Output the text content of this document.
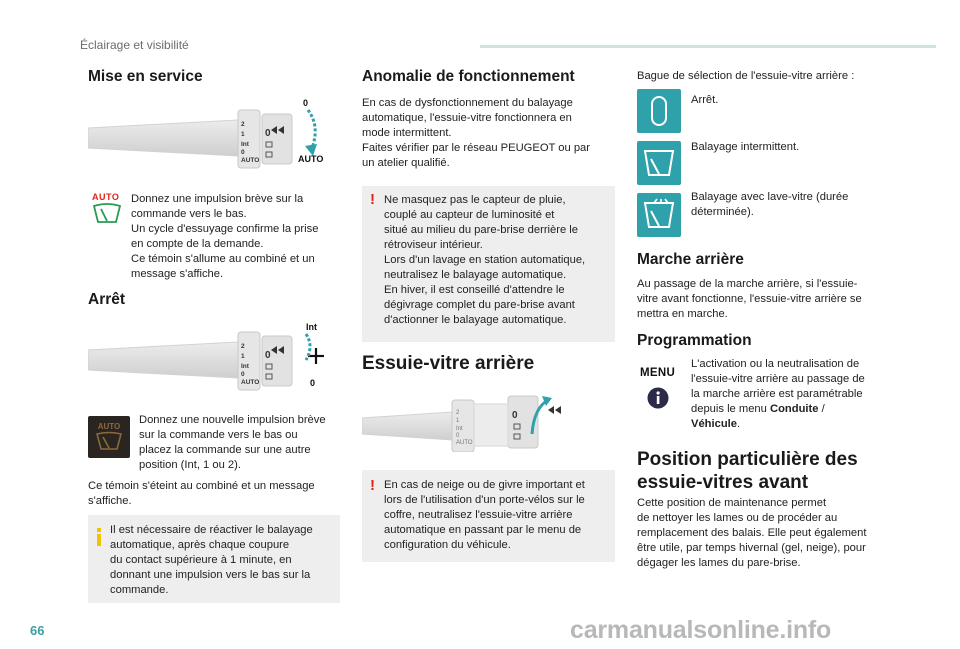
Éclairage et visibilité
Mise en service
2
1
Int
0
AUTO
0
0
AUTO
AUTO Donnez une impulsion brève sur la

commande vers le bas.

Un cycle d'essuyage confirme la prise

en compte de la demande.

Ce témoin s'allume au combiné et un

message s'affiche.

Arrêt
2
1
Int
0
AUTO
0
Int
0
AUTO

Donnez une nouvelle impulsion brève

sur la commande vers le bas ou

placez la commande sur une autre

position (Int, 1 ou 2).

Ce témoin s'éteint au combiné et un message

s'affiche.

Il est nécessaire de réactiver le balayage
automatique, après chaque coupure
du contact supérieure à 1 minute, en
donnant une impulsion vers le bas sur la
commande.
Anomalie de fonctionnement

En cas de dysfonctionnement du balayage

automatique, l'essuie-vitre fonctionnera en

mode intermittent.

Faites vérifier par le réseau PEUGEOT ou par

un atelier qualifié.

! Ne masquez pas le capteur de pluie,
couplé au capteur de luminosité et
situé au milieu du pare-brise derrière le
rétroviseur intérieur.
Lors d'un lavage en station automatique,
neutralisez le balayage automatique.
En hiver, il est conseillé d'attendre le
dégivrage complet du pare-brise avant
d'actionner le balayage automatique.
Essuie-vitre arrière
2
1
Int
0
AUTO
0
! En cas de neige ou de givre important et
lors de l'utilisation d'un porte-vélos sur le
coffre, neutralisez l'essuie-vitre arrière
automatique en passant par le menu de
configuration du véhicule.

Bague de sélection de l'essuie-vitre arrière :

Arrêt.

Balayage intermittent.

Balayage avec lave-vitre (durée

déterminée).

Marche arrière

Au passage de la marche arrière, si l'essuie-

vitre avant fonctionne, l'essuie-vitre arrière se

mettra en marche.

Programmation
MENU

L'activation ou la neutralisation de

l'essuie-vitre arrière au passage de

la marche arrière est paramétrable

depuis le menu Conduite /

Véhicule.

Position particulière des
essuie-vitres avant

Cette position de maintenance permet

de nettoyer les lames ou de procéder au

remplacement des balais. Elle peut également

être utile, par temps hivernal (gel, neige), pour

dégager les lames du pare-brise.

66	carmanualsonline.info
